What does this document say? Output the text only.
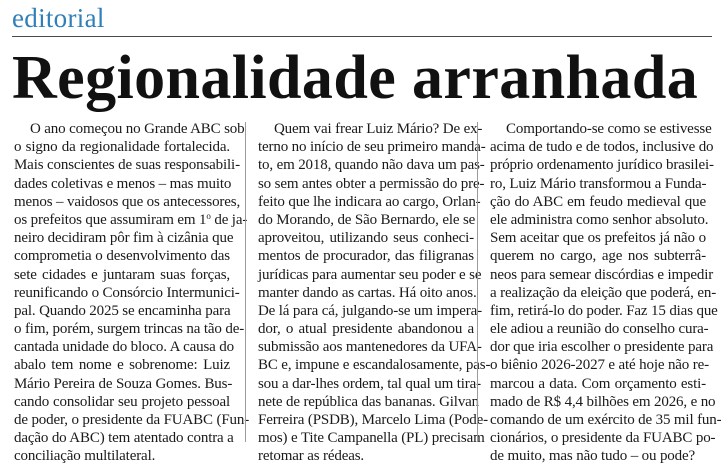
editorial
Regionalidade arranhada
O ano começou no Grande ABC sob
o signo da regionalidade fortalecida.
Mais conscientes de suas responsabili-
dades coletivas e menos – mas muito
menos – vaidosos que os antecessores,
os prefeitos que assumiram em 1$^o$ de ja-
neiro decidiram pôr fim à cizânia que
comprometia o desenvolvimento das
sete cidades e juntaram suas forças,
reunificando o Consórcio Intermunici-
pal. Quando 2025 se encaminha para
o fim, porém, surgem trincas na tão de-
cantada unidade do bloco. A causa do
abalo tem nome e sobrenome: Luiz
Mário Pereira de Souza Gomes. Bus-
cando consolidar seu projeto pessoal
de poder, o presidente da FUABC (Fun-
dação do ABC) tem atentado contra a
conciliação multilateral.
Quem vai frear Luiz Mário? De ex-
terno no início de seu primeiro manda-
to, em 2018, quando não dava um pas-
so sem antes obter a permissão do pre-
feito que lhe indicara ao cargo, Orlan-
do Morando, de São Bernardo, ele se
aproveitou, utilizando seus conheci-
mentos de procurador, das filigranas
jurídicas para aumentar seu poder e se
manter dando as cartas. Há oito anos.
De lá para cá, julgando-se um impera-
dor, o atual presidente abandonou a
submissão aos mantenedores da UFA-
BC e, impune e escandalosamente, pas-
sou a dar-lhes ordem, tal qual um tira-
nete de república das bananas. Gilvan
Ferreira (PSDB), Marcelo Lima (Pode-
mos) e Tite Campanella (PL) precisam
retomar as rédeas.
Comportando-se como se estivesse
acima de tudo e de todos, inclusive do
próprio ordenamento jurídico brasilei-
ro, Luiz Mário transformou a Funda-
ção do ABC em feudo medieval que
ele administra como senhor absoluto.
Sem aceitar que os prefeitos já não o
querem no cargo, age nos subterrâ-
neos para semear discórdias e impedir
a realização da eleição que poderá, en-
fim, retirá-lo do poder. Faz 15 dias que
ele adiou a reunião do conselho cura-
dor que iria escolher o presidente para
o biênio 2026-2027 e até hoje não re-
marcou a data. Com orçamento esti-
mado de R$ 4,4 bilhões em 2026, e no
comando de um exército de 35 mil fun-
cionários, o presidente da FUABC po-
de muito, mas não tudo – ou pode?
